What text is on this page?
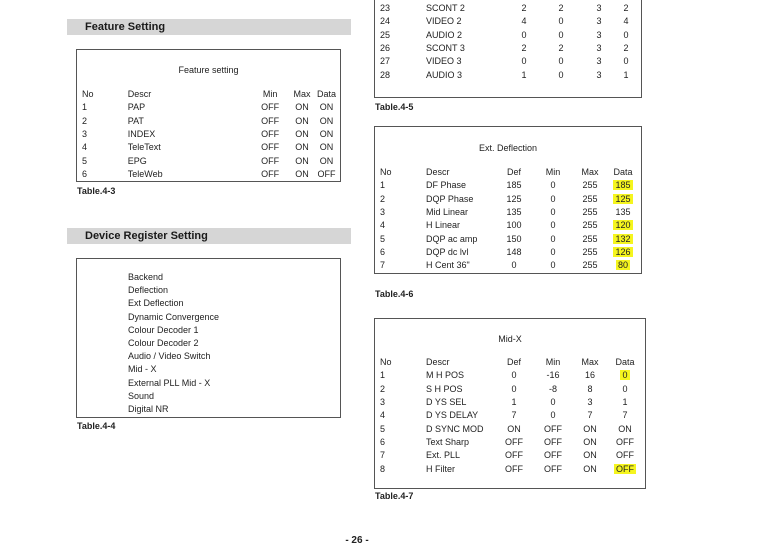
Feature Setting
Feature setting
No	Descr	Min	Max	Data
1	PAP	OFF	ON	ON
2	PAT	OFF	ON	ON
3	INDEX	OFF	ON	ON
4	TeleText	OFF	ON	ON
5	EPG	OFF	ON	ON
6	TeleWeb	OFF	ON	OFF
Table.4-3
Device Register Setting
Backend
Deflection
Ext Deflection
Dynamic Convergence
Colour Decoder 1
Colour Decoder 2
Audio / Video Switch
Mid - X
External PLL Mid - X
Sound
Digital NR
Table.4-4
23	SCONT 2	2	2	3	2
24	VIDEO 2	4	0	3	4
25	AUDIO 2	0	0	3	0
26	SCONT 3	2	2	3	2
27	VIDEO 3	0	0	3	0
28	AUDIO 3	1	0	3	1
Table.4-5
Ext. Deflection
No	Descr	Def	Min	Max	Data
1	DF Phase	185	0	255	185
2	DQP Phase	125	0	255	125
3	Mid Linear	135	0	255	135
4	H Linear	100	0	255	120
5	DQP ac amp	150	0	255	132
6	DQP dc lvl	148	0	255	126
7	H Cent 36"	0	0	255	80
Table.4-6
Mid-X
No	Descr	Def	Min	Max	Data
1	M H POS	0	-16	16	0
2	S H POS	0	-8	8	0
3	D YS SEL	1	0	3	1
4	D YS DELAY	7	0	7	7
5	D SYNC MOD	ON	OFF	ON	ON
6	Text Sharp	OFF	OFF	ON	OFF
7	Ext. PLL	OFF	OFF	ON	OFF
8	H Filter	OFF	OFF	ON	OFF
Table.4-7
- 26 -
